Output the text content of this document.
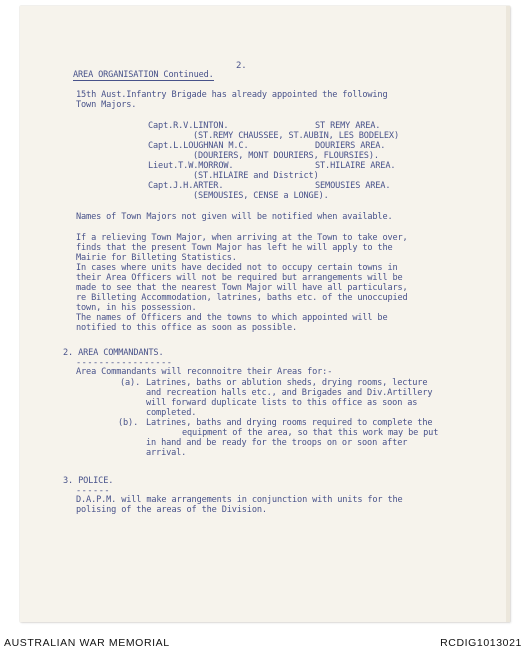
2.
AREA ORGANISATION Continued.
15th Aust.Infantry Brigade has already appointed the following
Town Majors.
Capt.R.V.LINTON.	ST REMY AREA.
(ST.REMY CHAUSSEE, ST.AUBIN, LES BODELEX)
Capt.L.LOUGHNAN M.C.	DOURIERS AREA.
(DOURIERS, MONT DOURIERS, FLOURSIES).
Lieut.T.W.MORROW.	ST.HILAIRE AREA.
(ST.HILAIRE and District)
Capt.J.H.ARTER.	SEMOUSIES AREA.
(SEMOUSIES, CENSE a LONGE).
Names of Town Majors not given will be notified when available.
If a relieving Town Major, when arriving at the Town to take over,
finds that the present Town Major has left he will apply to the
Mairie for Billeting Statistics.
In cases where units have decided not to occupy certain towns in
their Area Officers will not be required but arrangements will be
made to see that the nearest Town Major will have all particulars,
re Billeting Accommodation, latrines, baths etc. of the unoccupied
town, in his possession.
The names of Officers and the towns to which appointed will be
notified to this office as soon as possible.
2. AREA COMMANDANTS.
-----------------
Area Commandants will reconnoitre their Areas for:-
(a). Latrines, baths or ablution sheds, drying rooms, lecture
and recreation halls etc., and Brigades and Div.Artillery
will forward duplicate lists to this office as soon as
completed.
(b). Latrines, baths and drying rooms required to complete the
equipment of the area, so that this work may be put
in hand and be ready for the troops on or soon after
arrival.
3. POLICE.
------
D.A.P.M. will make arrangements in conjunction with units for the
polising of the areas of the Division.
AUSTRALIAN WAR MEMORIAL	RCDIG1013021
